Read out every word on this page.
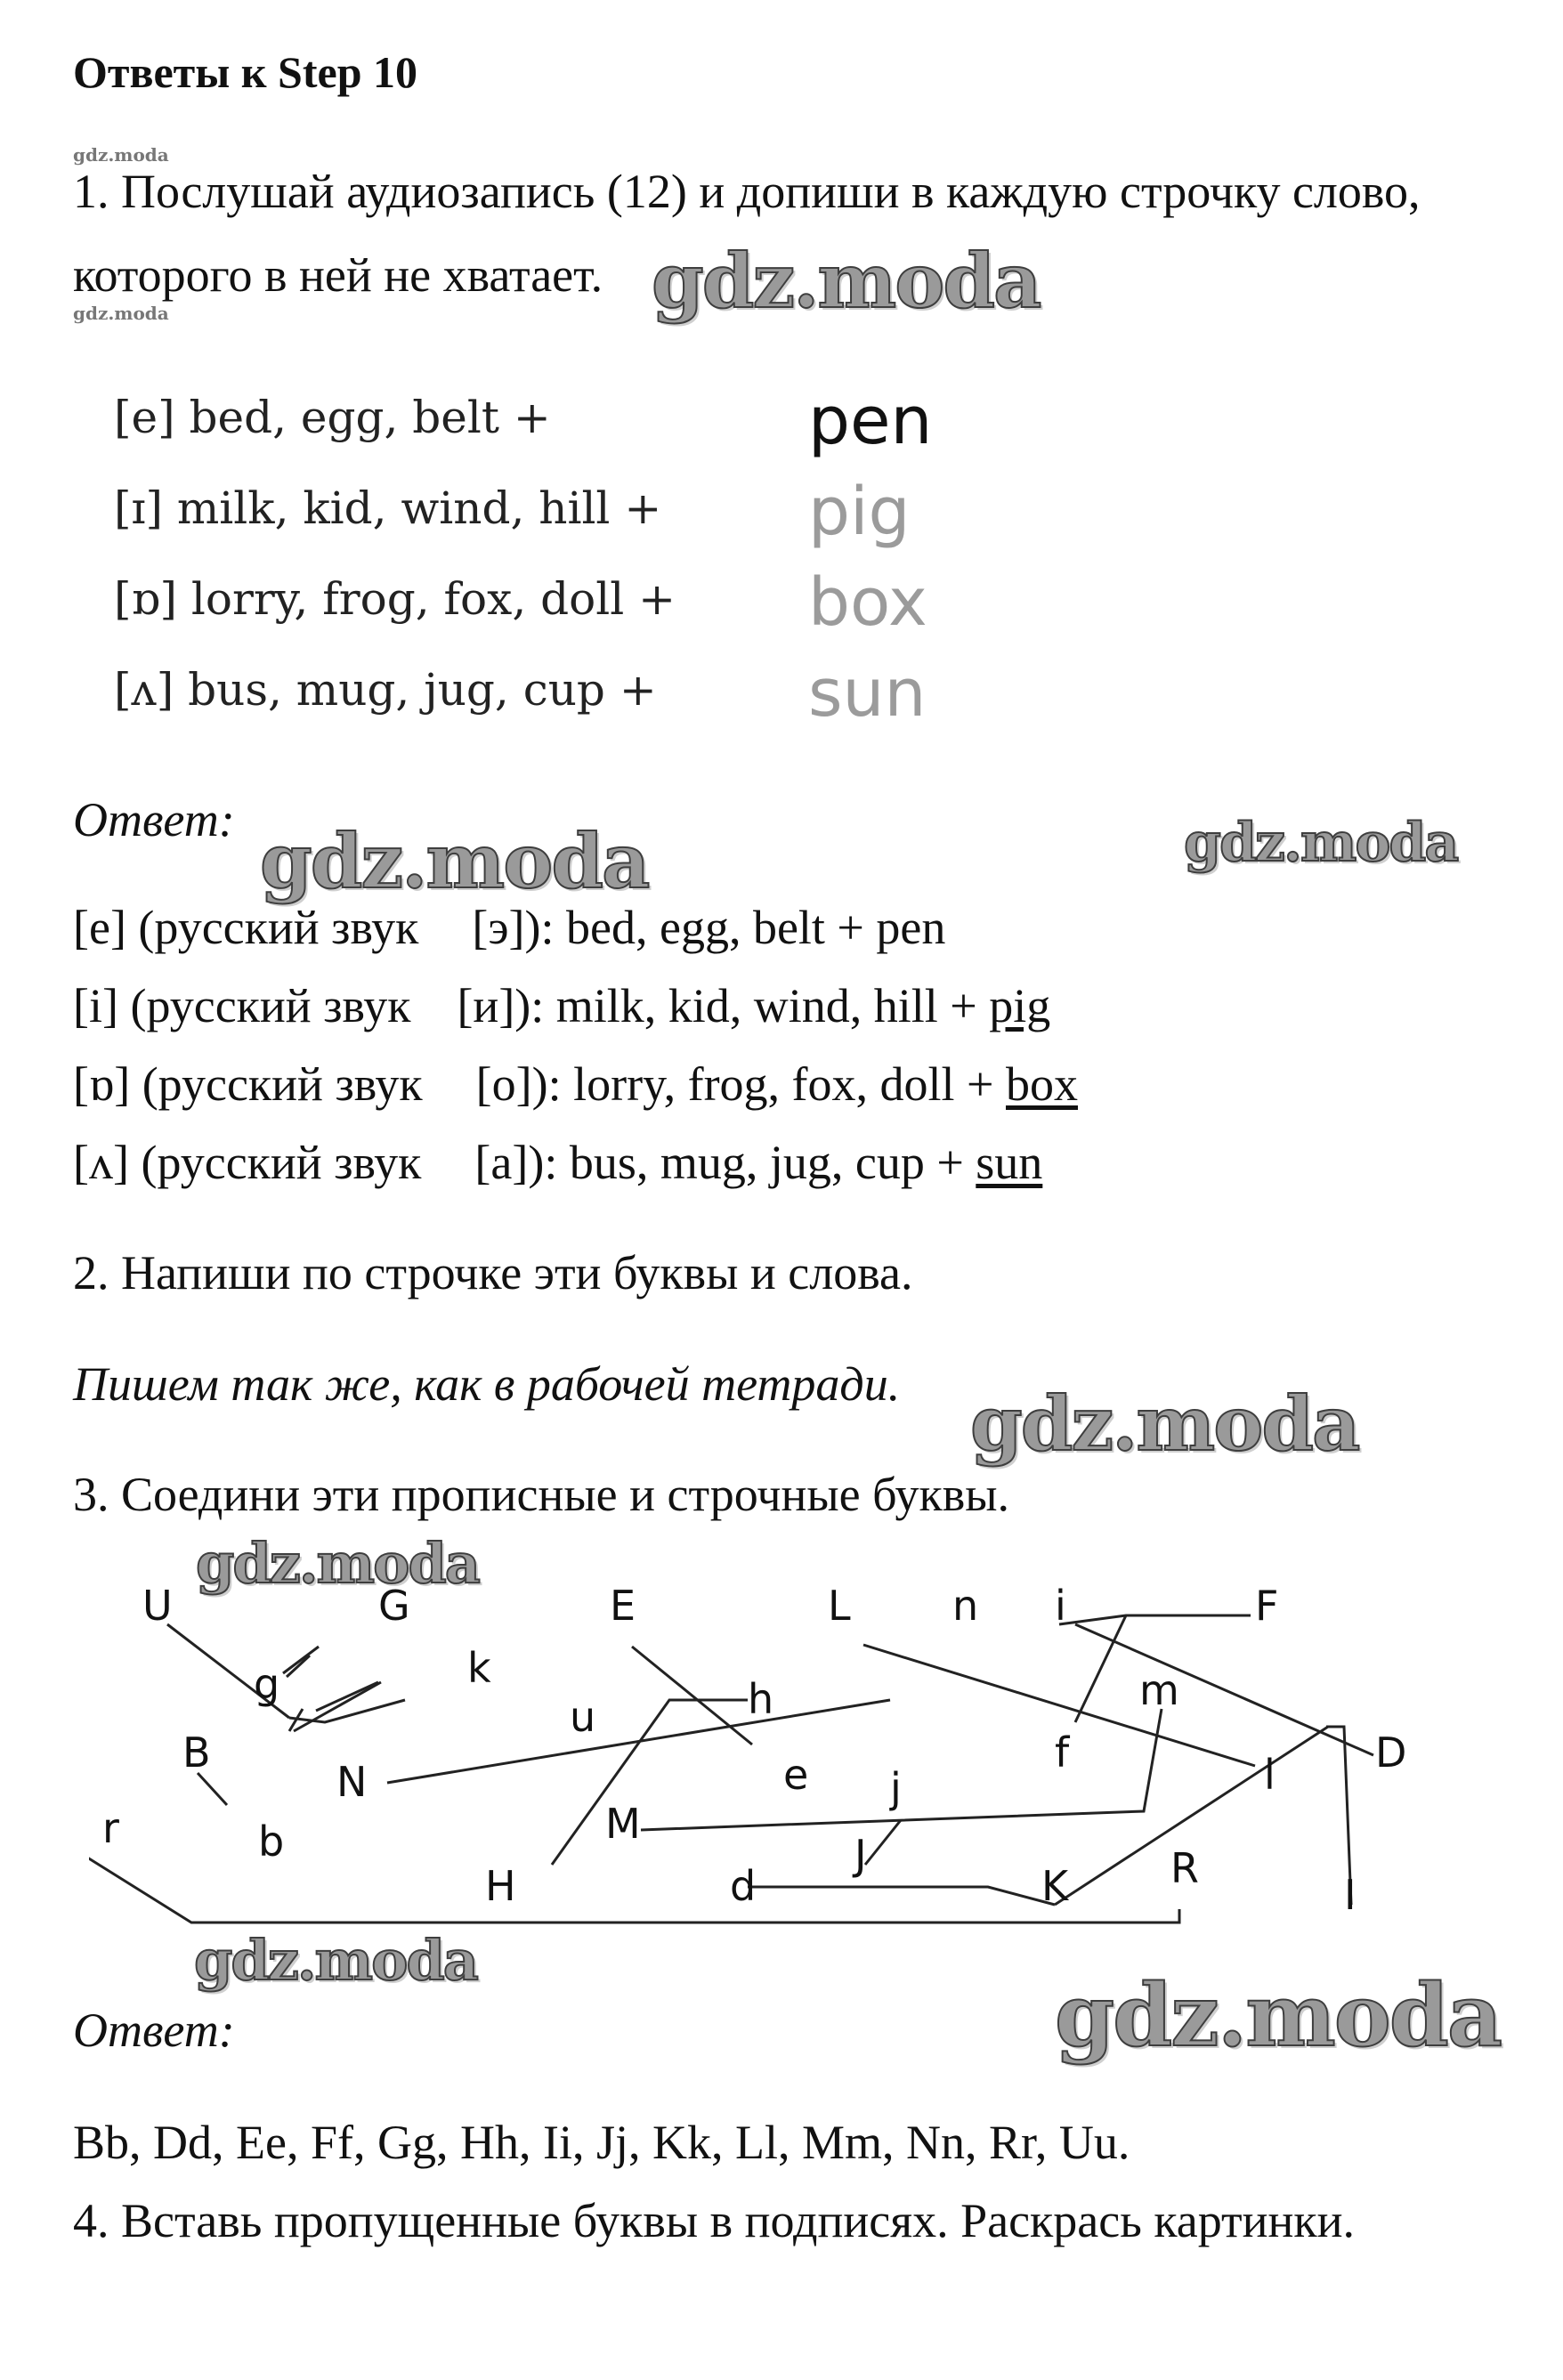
Ответы к Step 10
gdz.moda
1. Послушай аудиозапись (12) и допиши в каждую строчку слово,
которого в ней не хватает. gdz.moda
gdz.moda
[e] bed, egg, belt +	pen
[ɪ] milk, kid, wind, hill + pig
[ɒ] lorry, frog, fox, doll + box
[ʌ] bus, mug, jug, cup + sun
Ответ: gdz.moda	gdz.moda
[e] (русский звук [э]): bed, egg, belt + pen
[i] (русский звук [и]): milk, kid, wind, hill + pig
[ɒ] (русский звук [o]): lorry, frog, fox, doll + box
[ʌ] (русский звук [a]): bus, mug, jug, cup + sun
2. Напиши по строчке эти буквы и слова.
Пишем так же, как в рабочей тетради. gdz.moda
3. Соедини эти прописные и строчные буквы.
gdz.moda
U	G
g	k
u
E
h
e
L n i	F
m
D
B
b
N
f	l
M
j
J
r
H	d	K R
I
gdz.moda
Ответ:	gdz.moda
Bb, Dd, Ee, Ff, Gg, Hh, Ii, Jj, Kk, Ll, Mm, Nn, Rr, Uu.
4. Вставь пропущенные буквы в подписях. Раскрась картинки.
